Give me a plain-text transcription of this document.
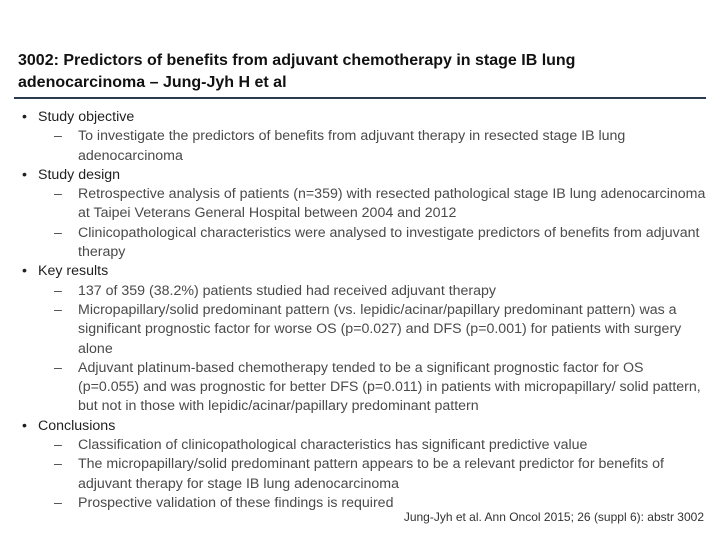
3002: Predictors of benefits from adjuvant chemotherapy in stage IB lung adenocarcinoma – Jung-Jyh H et al
• Study objective
– To investigate the predictors of benefits from adjuvant therapy in resected stage IB lung adenocarcinoma
• Study design
– Retrospective analysis of patients (n=359) with resected pathological stage IB lung adenocarcinoma at Taipei Veterans General Hospital between 2004 and 2012
– Clinicopathological characteristics were analysed to investigate predictors of benefits from adjuvant therapy
• Key results
– 137 of 359 (38.2%) patients studied had received adjuvant therapy
– Micropapillary/solid predominant pattern (vs. lepidic/acinar/papillary predominant pattern) was a significant prognostic factor for worse OS (p=0.027) and DFS (p=0.001) for patients with surgery alone
– Adjuvant platinum-based chemotherapy tended to be a significant prognostic factor for OS (p=0.055) and was prognostic for better DFS (p=0.011) in patients with micropapillary/ solid pattern, but not in those with lepidic/acinar/papillary predominant pattern
• Conclusions
– Classification of clinicopathological characteristics has significant predictive value
– The micropapillary/solid predominant pattern appears to be a relevant predictor for benefits of adjuvant therapy for stage IB lung adenocarcinoma
– Prospective validation of these findings is required
Jung-Jyh et al. Ann Oncol 2015; 26 (suppl 6): abstr 3002
